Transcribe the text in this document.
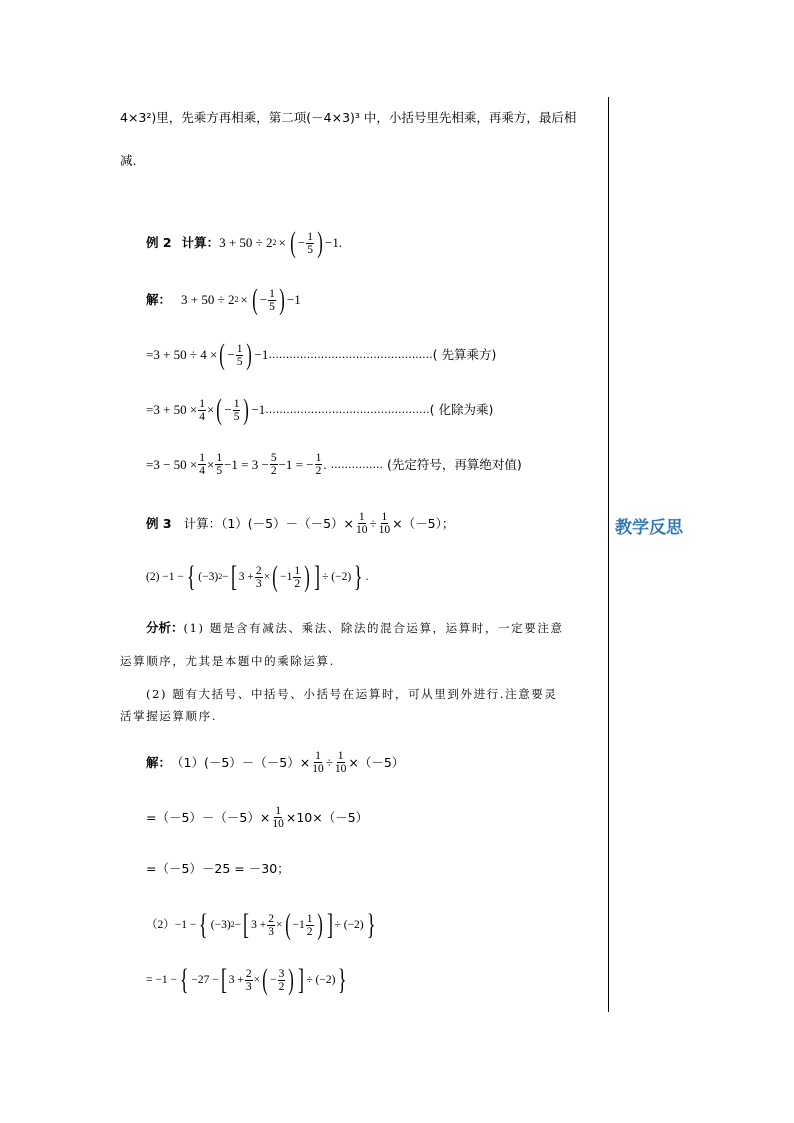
教学反思
4×3²)里，先乘方再相乘，第二项(－4×3)³ 中，小括号里先相乘，再乘方，最后相
减.
例 2 计算： 3 + 50 ÷ 2 2 × ( − $\frac{1}{5}$ ) −1.
解： 3 + 50 ÷ 2 2 × ( − $\frac{1}{5}$ ) −1
=3 + 50 ÷ 4 × ( − $\frac{1}{5}$ ) −1 ............................................... ( 先算乘方)
$=3 + 50 \times \frac{1}{4}$ × ( − $\frac{1}{5}$ ) −1 ............................................... ( 化除为乘)
$=3 - 50 \times \frac{1}{4} \times \frac{1}{5} -1 = 3 - \frac{5}{2} -1$ = − $\frac{1}{2}$ . ............... (先定符号，再算绝对值)
例 3 计算：$(1)(-5)-(-5)\times \frac{1}{10} \div \frac{1}{10} \times(-5)$；
(2) −1 − { (−3) 2 − [ $3 + \frac{2}{3}$ × ( $-1 \frac{1}{2}$ ) ] ÷ (−2) } .
分析：(1) 题是含有减法、乘法、除法的混合运算，运算时，一定要注意
运算顺序，尤其是本题中的乘除运算.
(2) 题有大括号、中括号、小括号在运算时，可从里到外进行.注意要灵
活掌握运算顺序.
解： $(1)(-5)-(-5)\times \frac{1}{10} \div \frac{1}{10} \times(-5)$
$=(-5)-(-5)\times \frac{1}{10} \times 10\times(-5)$
=（－5）－25 = －30；
（2）−1 − { (−3) 2 − [ $3 + \frac{2}{3}$ × ( $-1 \frac{1}{2}$ ) ] ÷ (−2) }
= −1 − { −27 − [ $3 + \frac{2}{3}$ × ( − $\frac{3}{2}$ ) ] ÷ (−2) }
